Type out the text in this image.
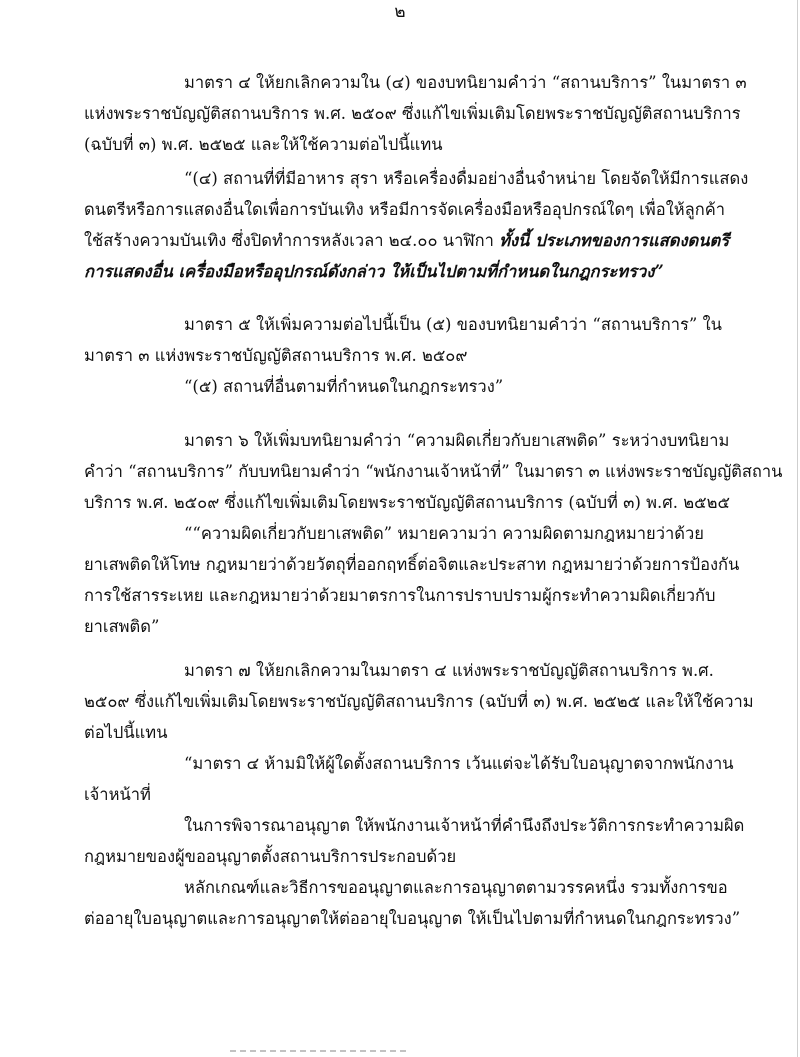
๒
มาตรา ๔ ให้ยกเลิกความใน (๔) ของบทนิยามคำว่า “สถานบริการ” ในมาตรา ๓
แห่งพระราชบัญญัติสถานบริการ พ.ศ. ๒๕๐๙ ซึ่งแก้ไขเพิ่มเติมโดยพระราชบัญญัติสถานบริการ
(ฉบับที่ ๓) พ.ศ. ๒๕๒๕ และให้ใช้ความต่อไปนี้แทน
“(๔) สถานที่ที่มีอาหาร สุรา หรือเครื่องดื่มอย่างอื่นจำหน่าย โดยจัดให้มีการแสดง
ดนตรีหรือการแสดงอื่นใดเพื่อการบันเทิง หรือมีการจัดเครื่องมือหรืออุปกรณ์ใดๆ เพื่อให้ลูกค้า
ใช้สร้างความบันเทิง ซึ่งปิดทำการหลังเวลา ๒๔.๐๐ นาฬิกา ทั้งนี้ ประเภทของการแสดงดนตรี
การแสดงอื่น เครื่องมือหรืออุปกรณ์ดังกล่าว ให้เป็นไปตามที่กำหนดในกฎกระทรวง”
มาตรา ๕ ให้เพิ่มความต่อไปนี้เป็น (๕) ของบทนิยามคำว่า “สถานบริการ” ใน
มาตรา ๓ แห่งพระราชบัญญัติสถานบริการ พ.ศ. ๒๕๐๙
“(๕) สถานที่อื่นตามที่กำหนดในกฎกระทรวง”
มาตรา ๖ ให้เพิ่มบทนิยามคำว่า “ความผิดเกี่ยวกับยาเสพติด” ระหว่างบทนิยาม
คำว่า “สถานบริการ” กับบทนิยามคำว่า “พนักงานเจ้าหน้าที่” ในมาตรา ๓ แห่งพระราชบัญญัติสถาน
บริการ พ.ศ. ๒๕๐๙ ซึ่งแก้ไขเพิ่มเติมโดยพระราชบัญญัติสถานบริการ (ฉบับที่ ๓) พ.ศ. ๒๕๒๕
““ความผิดเกี่ยวกับยาเสพติด” หมายความว่า ความผิดตามกฎหมายว่าด้วย
ยาเสพติดให้โทษ กฎหมายว่าด้วยวัตถุที่ออกฤทธิ์ต่อจิตและประสาท กฎหมายว่าด้วยการป้องกัน
การใช้สารระเหย และกฎหมายว่าด้วยมาตรการในการปราบปรามผู้กระทำความผิดเกี่ยวกับ
ยาเสพติด”
มาตรา ๗ ให้ยกเลิกความในมาตรา ๔ แห่งพระราชบัญญัติสถานบริการ พ.ศ.
๒๕๐๙ ซึ่งแก้ไขเพิ่มเติมโดยพระราชบัญญัติสถานบริการ (ฉบับที่ ๓) พ.ศ. ๒๕๒๕ และให้ใช้ความ
ต่อไปนี้แทน
“มาตรา ๔ ห้ามมิให้ผู้ใดตั้งสถานบริการ เว้นแต่จะได้รับใบอนุญาตจากพนักงาน
เจ้าหน้าที่
ในการพิจารณาอนุญาต ให้พนักงานเจ้าหน้าที่คำนึงถึงประวัติการกระทำความผิด
กฎหมายของผู้ขออนุญาตตั้งสถานบริการประกอบด้วย
หลักเกณฑ์และวิธีการขออนุญาตและการอนุญาตตามวรรคหนึ่ง รวมทั้งการขอ
ต่ออายุใบอนุญาตและการอนุญาตให้ต่ออายุใบอนุญาต ให้เป็นไปตามที่กำหนดในกฎกระทรวง”
